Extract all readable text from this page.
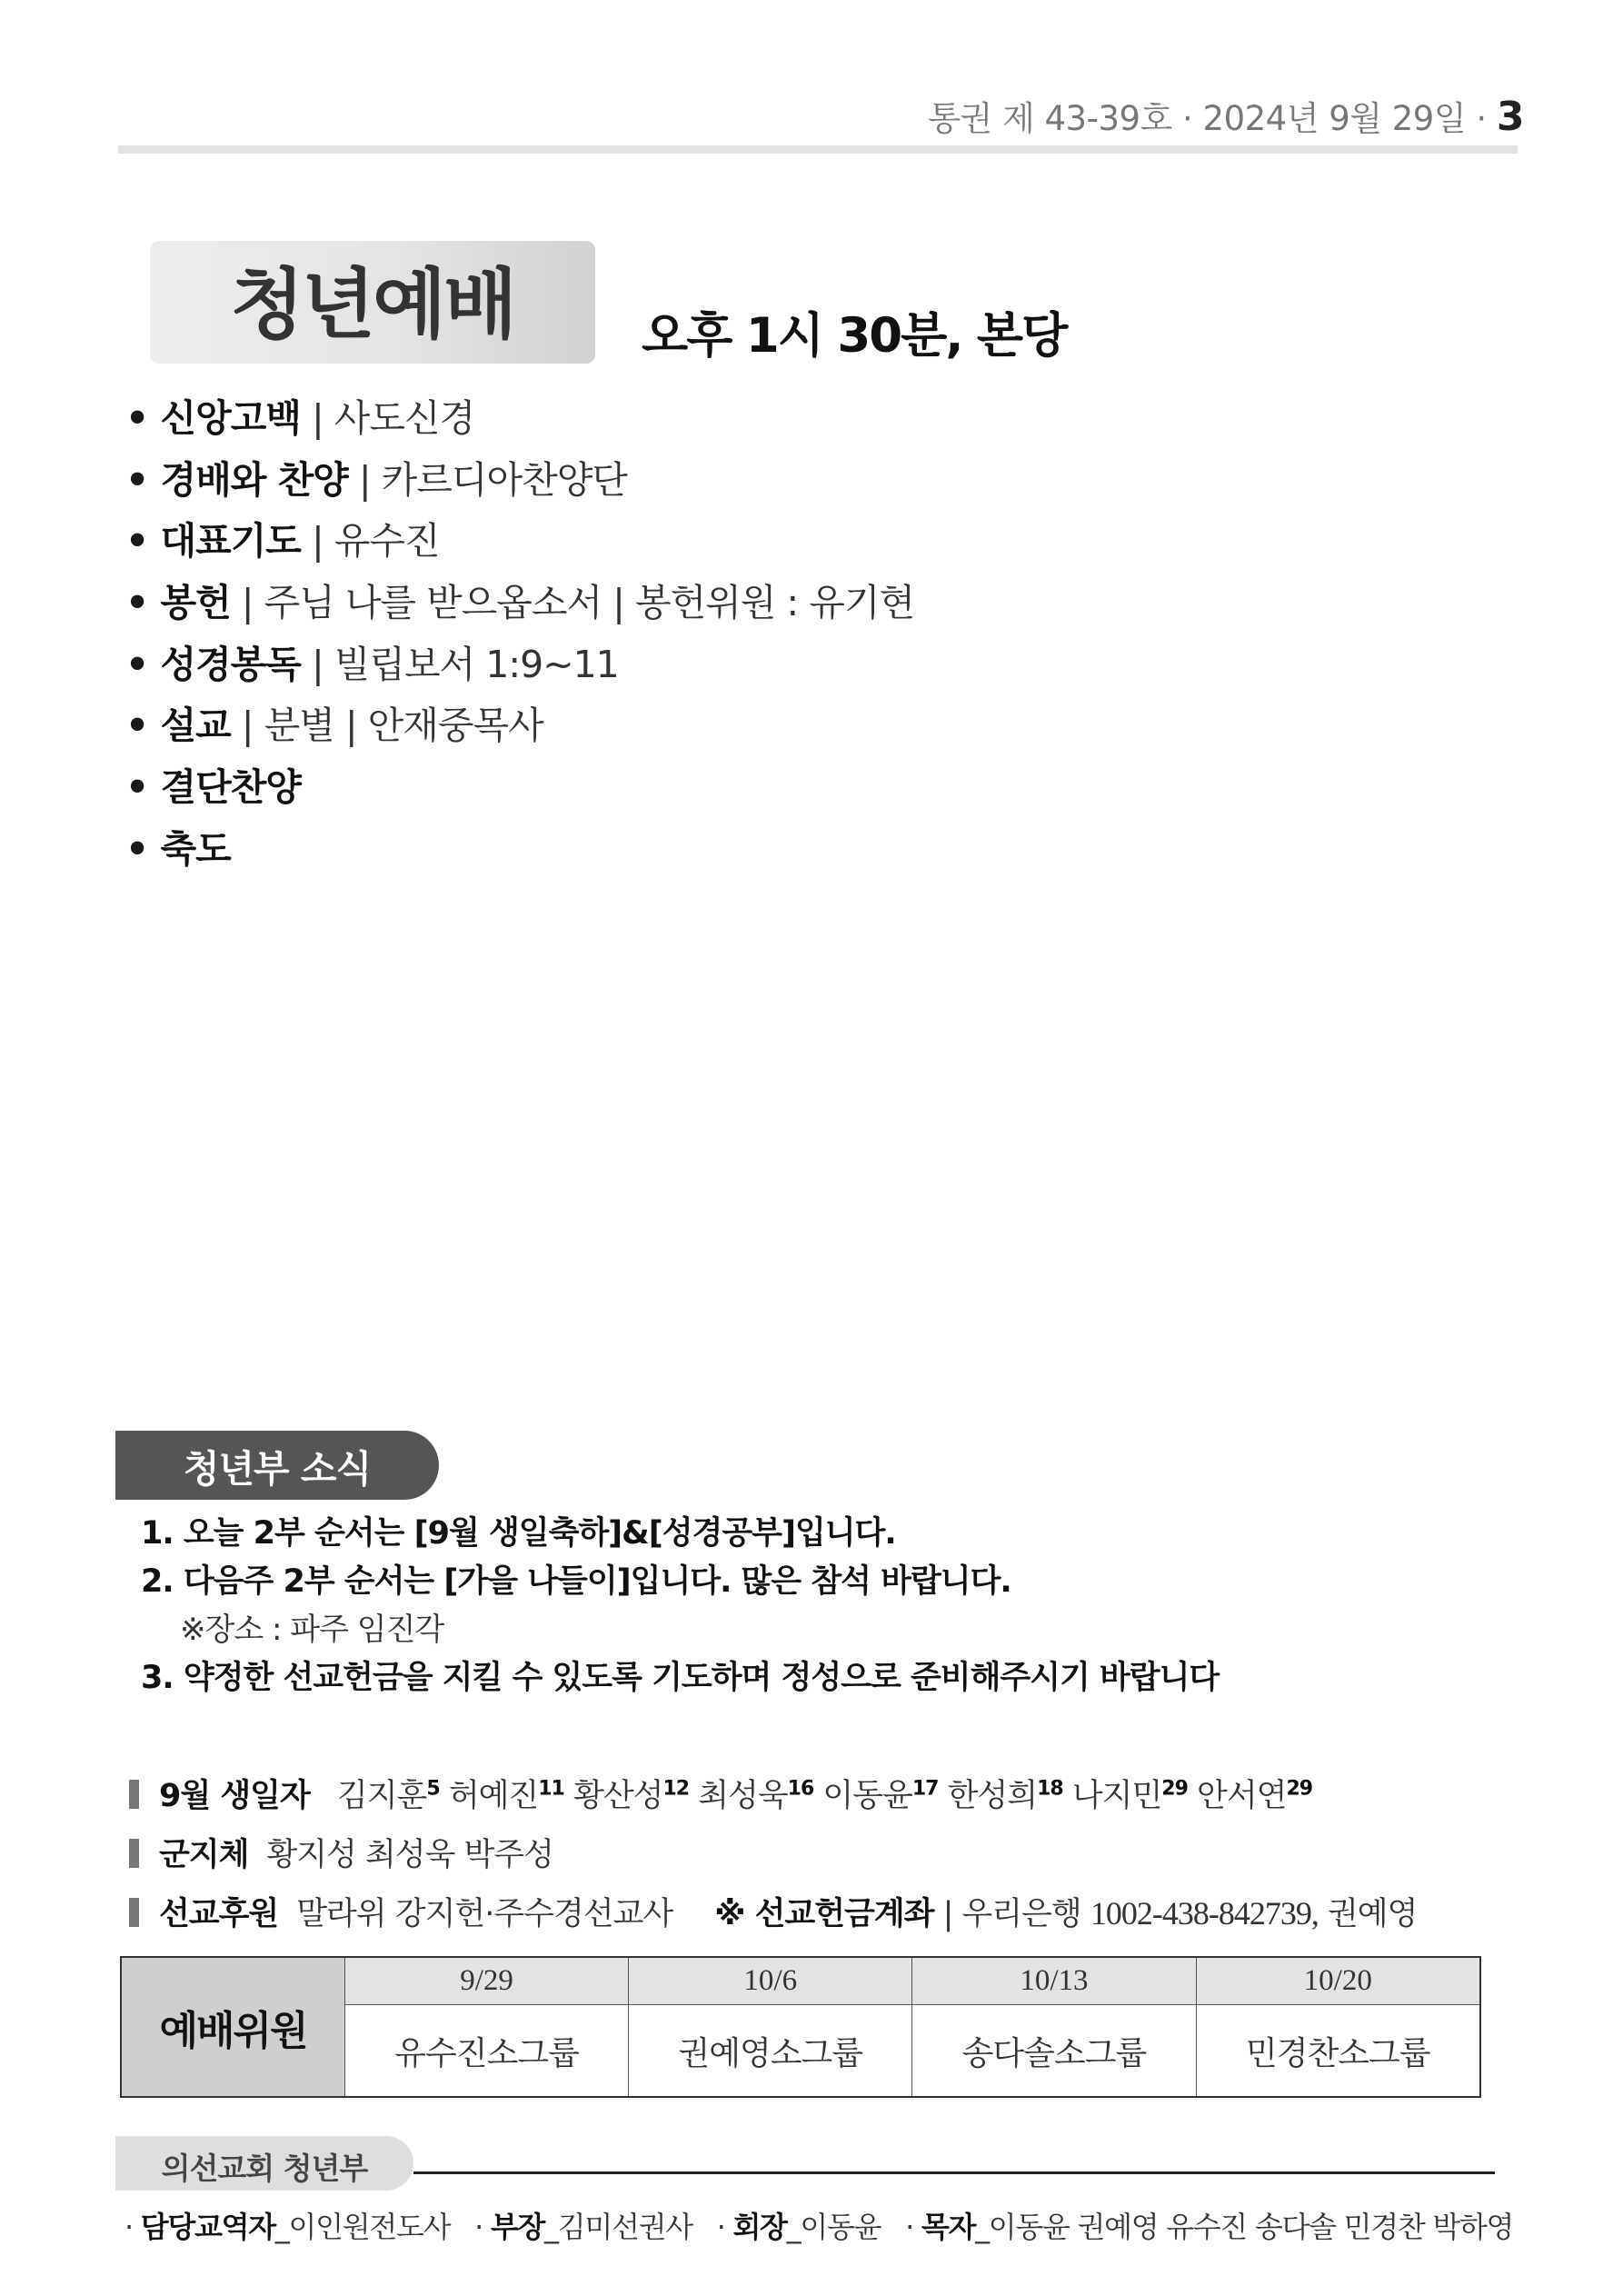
통권 제 43-39호 · 2024년 9월 29일 · 3
청년예배	오후 1시 30분, 본당
• 신앙고백 | 사도신경
• 경배와 찬양 | 카르디아찬양단
• 대표기도 | 유수진
• 봉헌 | 주님 나를 받으옵소서 | 봉헌위원 : 유기현
• 성경봉독 | 빌립보서 1:9~11
• 설교 | 분별 | 안재중목사
• 결단찬양
• 축도
청년부 소식
1. 오늘 2부 순서는 [9월 생일축하]&[성경공부]입니다.
2. 다음주 2부 순서는 [가을 나들이]입니다. 많은 참석 바랍니다.
※장소 : 파주 임진각
3. 약정한 선교헌금을 지킬 수 있도록 기도하며 정성으로 준비해주시기 바랍니다
9월 생일자 김지훈$^5$ 허예진$^{11}$ 황산성$^{12}$ 최성욱$^{16}$ 이동윤$^{17}$ 한성희$^{18}$ 나지민$^{29}$ 안서연$^{29}$
군지체 황지성 최성욱 박주성
선교후원 말라위 강지헌·주수경선교사 ※ 선교헌금계좌 | 우리은행 1002-438-842739, 권예영
예배위원	9/29	10/6	10/13	10/20
	유수진소그룹	권예영소그룹	송다솔소그룹	민경찬소그룹
의선교회 청년부
· 담당교역자_이인원전도사 · 부장_김미선권사 · 회장_이동윤 · 목자_이동윤 권예영 유수진 송다솔 민경찬 박하영
